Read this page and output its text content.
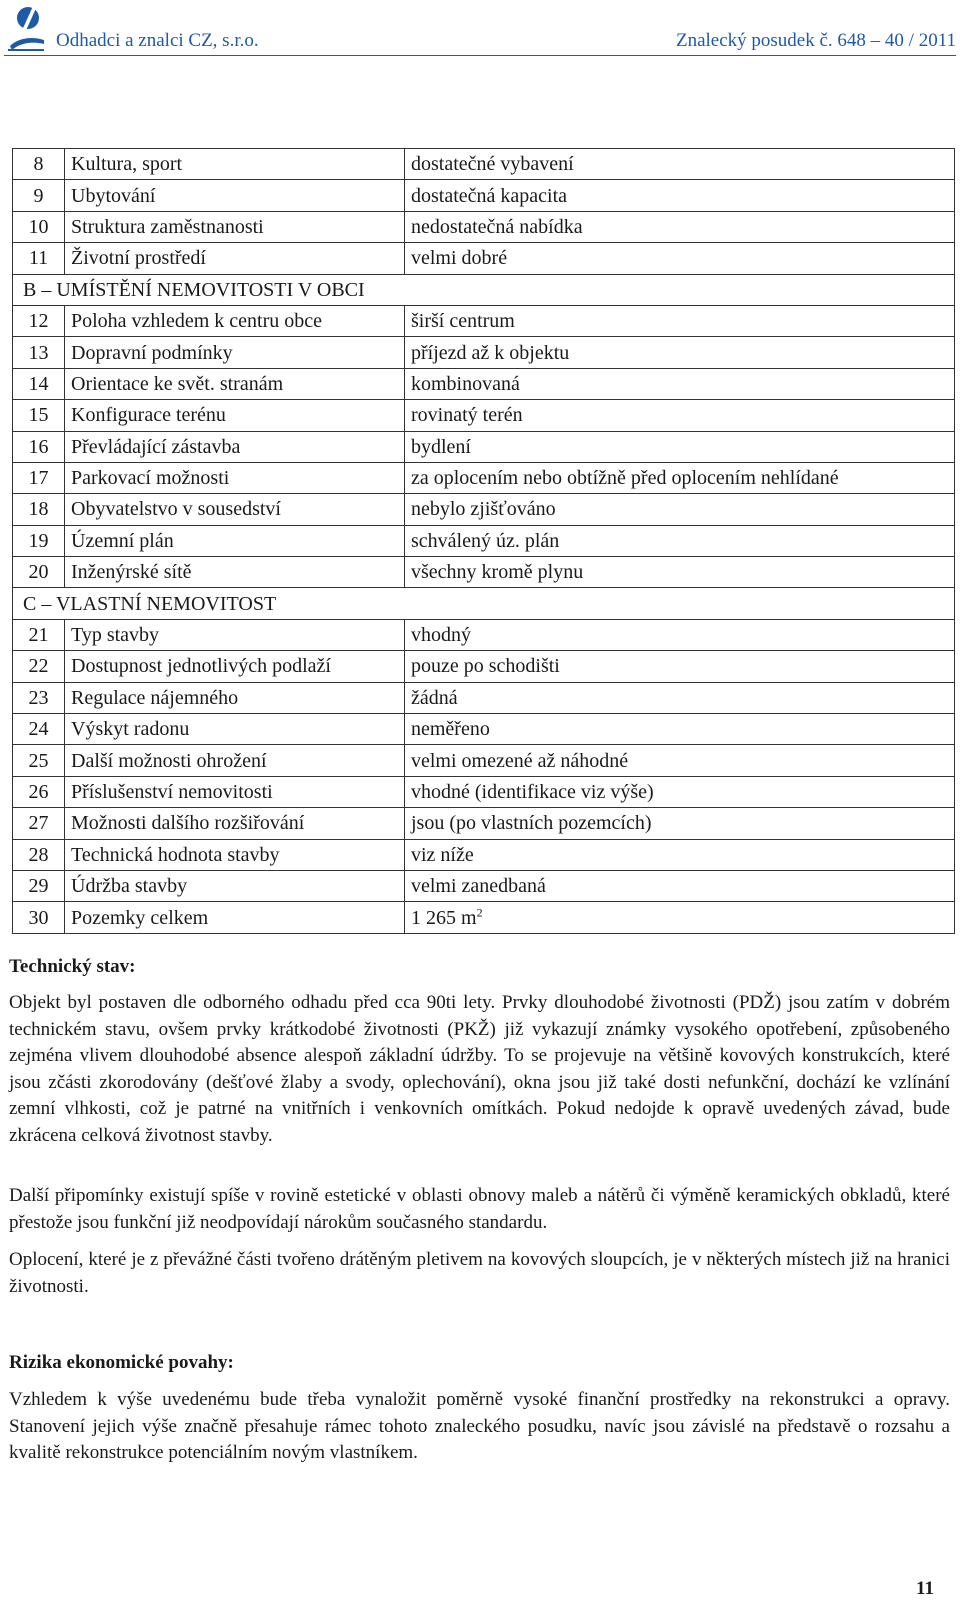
Odhadci a znalci CZ, s.r.o.	Znalecký posudek č. 648 – 40 / 2011
8	Kultura, sport	dostatečné vybavení
9	Ubytování	dostatečná kapacita
10	Struktura zaměstnanosti	nedostatečná nabídka
11	Životní prostředí	velmi dobré
B – UMÍSTĚNÍ NEMOVITOSTI V OBCI		
12	Poloha vzhledem k centru obce	širší centrum
13	Dopravní podmínky	příjezd až k objektu
14	Orientace ke svět. stranám	kombinovaná
15	Konfigurace terénu	rovinatý terén
16	Převládající zástavba	bydlení
17	Parkovací možnosti	za oplocením nebo obtížně před oplocením nehlídané
18	Obyvatelstvo v sousedství	nebylo zjišťováno
19	Územní plán	schválený úz. plán
20	Inženýrské sítě	všechny kromě plynu
C – VLASTNÍ NEMOVITOST		
21	Typ stavby	vhodný
22	Dostupnost jednotlivých podlaží	pouze po schodišti
23	Regulace nájemného	žádná
24	Výskyt radonu	neměřeno
25	Další možnosti ohrožení	velmi omezené až náhodné
26	Příslušenství nemovitosti	vhodné (identifikace viz výše)
27	Možnosti dalšího rozšiřování	jsou (po vlastních pozemcích)
28	Technická hodnota stavby	viz níže
29	Údržba stavby	velmi zanedbaná
30	Pozemky celkem	1 265 $m^2$
Technický stav:

Objekt byl postaven dle odborného odhadu před cca 90ti lety. Prvky dlouhodobé životnosti (PDŽ) jsou zatím v dobrém technickém stavu, ovšem prvky krátkodobé životnosti (PKŽ) již vykazují známky vysokého opotřebení, způsobeného zejména vlivem dlouhodobé absence alespoň základní údržby. To se projevuje na většině kovových konstrukcích, které jsou zčásti zkorodovány (dešťové žlaby a svody, oplechování), okna jsou již také dosti nefunkční, dochází ke vzlínání zemní vlhkosti, což je patrné na vnitřních i venkovních omítkách. Pokud nedojde k opravě uvedených závad, bude zkrácena celková životnost stavby.

Další připomínky existují spíše v rovině estetické v oblasti obnovy maleb a nátěrů či výměně keramických obkladů, které přestože jsou funkční již neodpovídají nárokům současného standardu.

Oplocení, které je z převážné části tvořeno drátěným pletivem na kovových sloupcích, je v některých místech již na hranici životnosti.

Rizika ekonomické povahy:

Vzhledem k výše uvedenému bude třeba vynaložit poměrně vysoké finanční prostředky na rekonstrukci a opravy. Stanovení jejich výše značně přesahuje rámec tohoto znaleckého posudku, navíc jsou závislé na představě o rozsahu a kvalitě rekonstrukce potenciálním novým vlastníkem.

11
